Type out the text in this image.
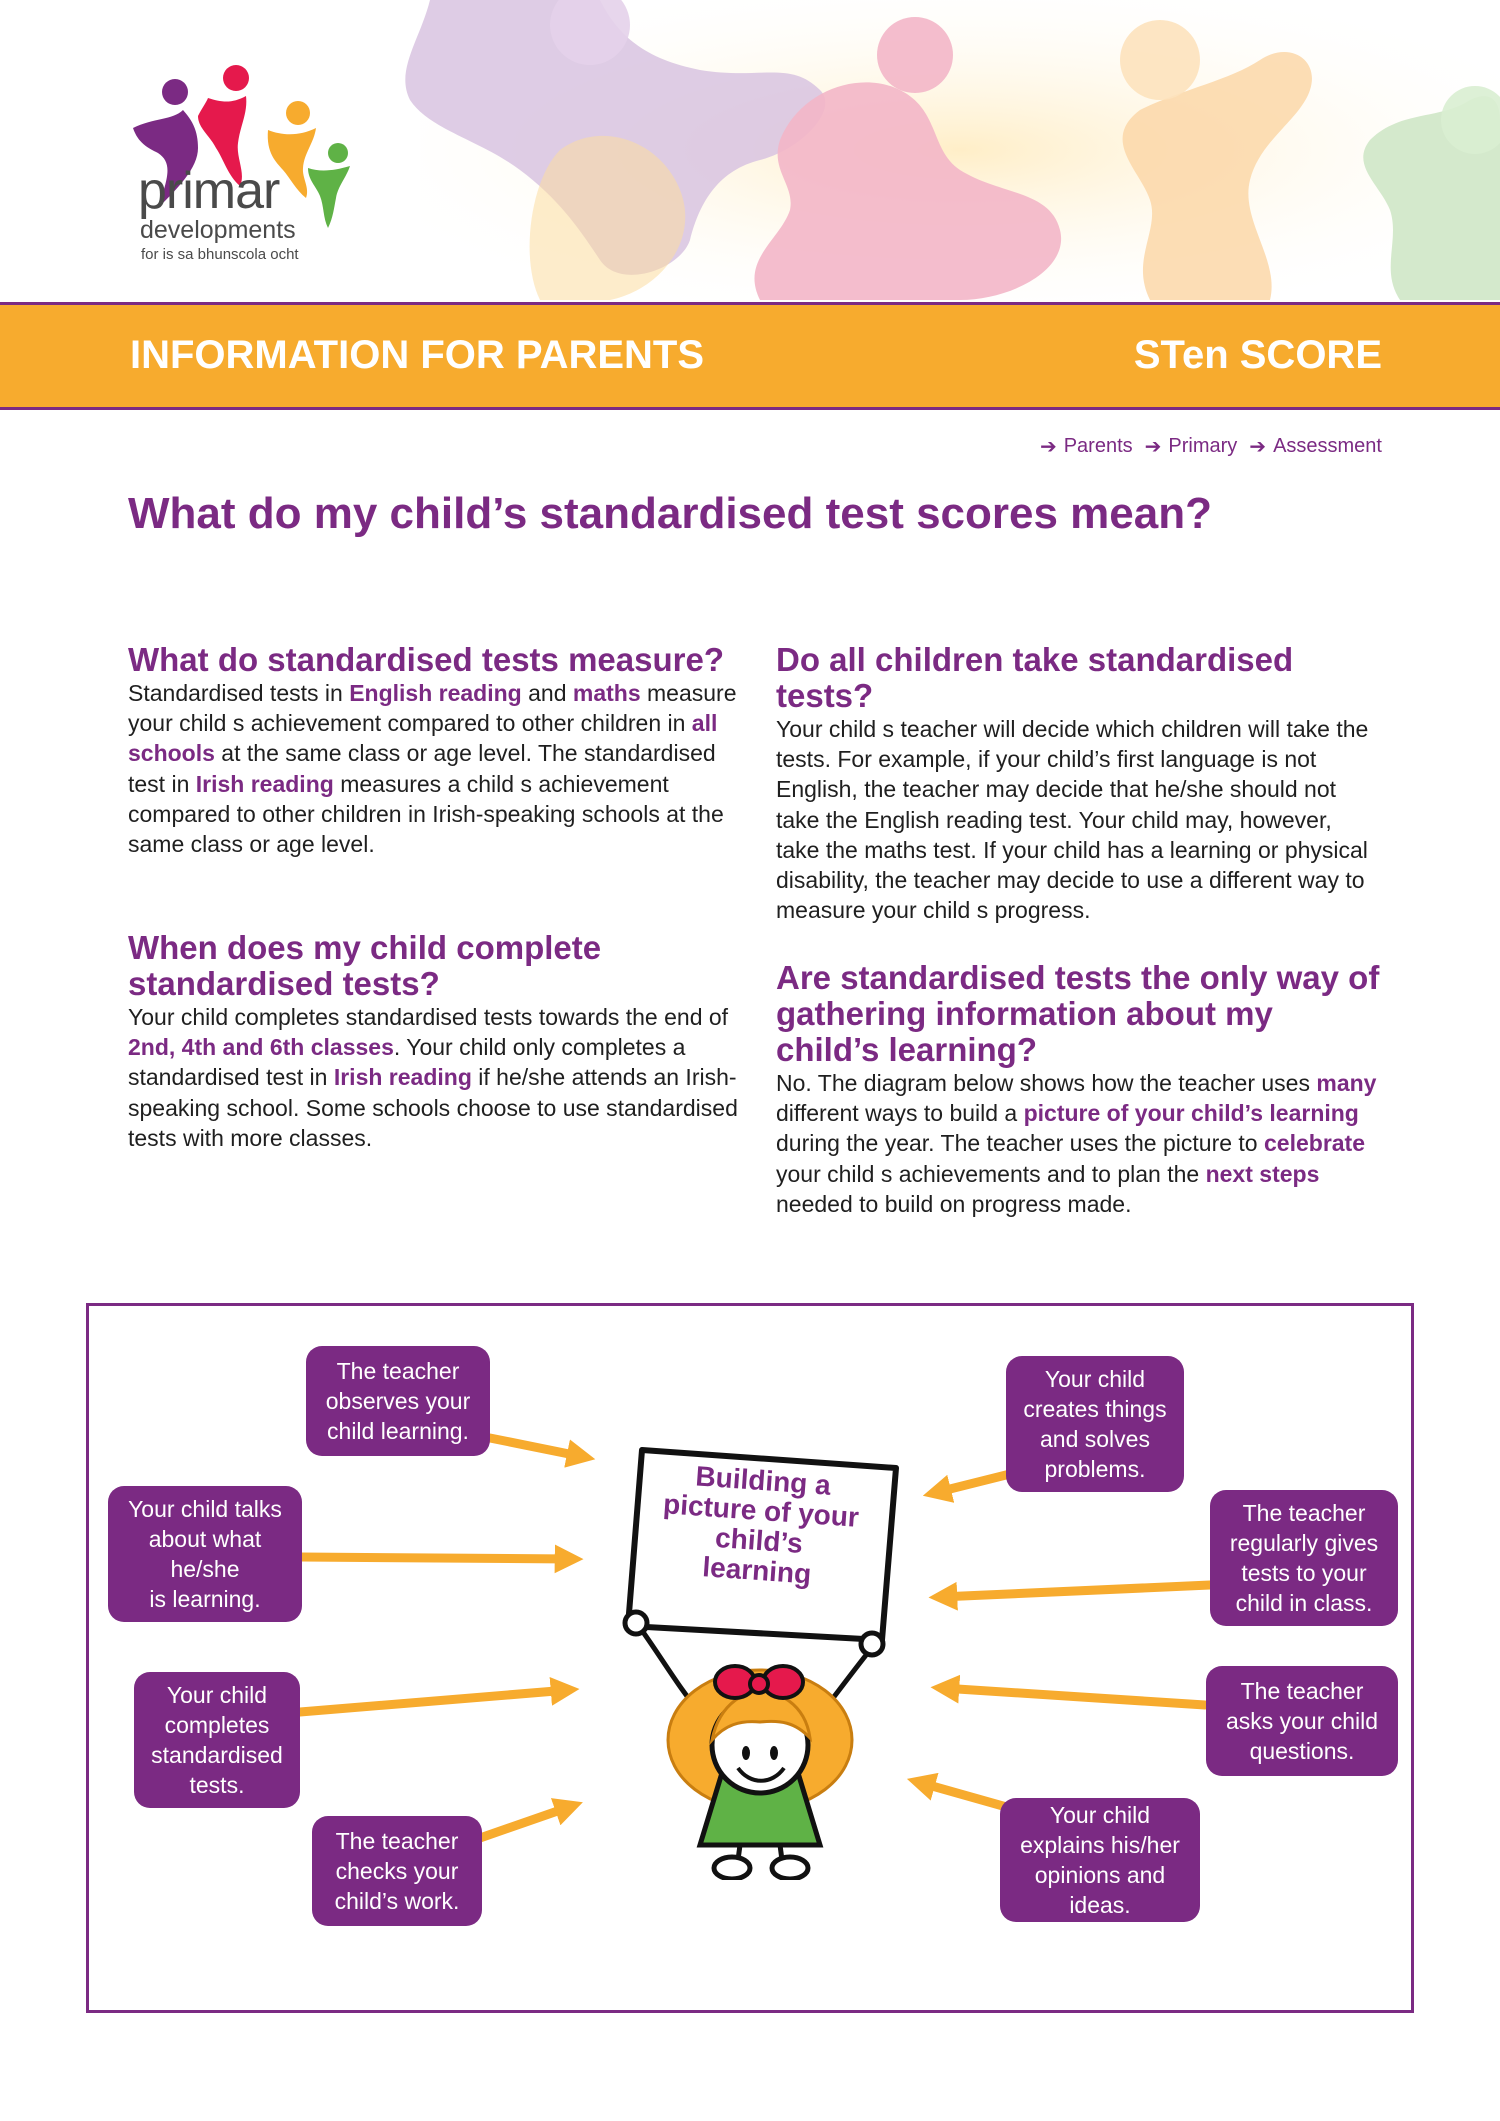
primar
developments
for is sa bhunscola ocht
INFORMATION FOR PARENTS	STen SCORE
➔ Parents ➔ Primary ➔ Assessment
What do my child’s standardised test scores mean?
What do standardised tests measure?

Standardised tests in English reading and maths measure your child s achievement compared to other children in all schools at the same class or age level. The standardised test in Irish reading measures a child s achievement compared to other children in Irish-speaking schools at the same class or age level.

When does my child complete standardised tests?

Your child completes standardised tests towards the end of 2nd, 4th and 6th classes. Your child only completes a standardised test in Irish reading if he/she attends an Irish-speaking school. Some schools choose to use standardised tests with more classes.

Do all children take standardised tests?

Your child s teacher will decide which children will take the tests. For example, if your child’s first language is not English, the teacher may decide that he/she should not take the English reading test. Your child may, however, take the maths test. If your child has a learning or physical disability, the teacher may decide to use a different way to measure your child s progress.

Are standardised tests the only way of gathering information about my child’s learning?

No. The diagram below shows how the teacher uses many different ways to build a picture of your child’s learning during the year. The teacher uses the picture to celebrate your child s achievements and to plan the next steps needed to build on progress made.

Building a picture of your child’s learning
The teacher
observes your
child learning.
Your child talks
about what
he/she
is learning.
Your child
completes
standardised
tests.
The teacher
checks your
child’s work.
Your child
creates things
and solves
problems.
The teacher
regularly gives
tests to your
child in class.
The teacher
asks your child
questions.
Your child
explains his/her
opinions and
ideas.
